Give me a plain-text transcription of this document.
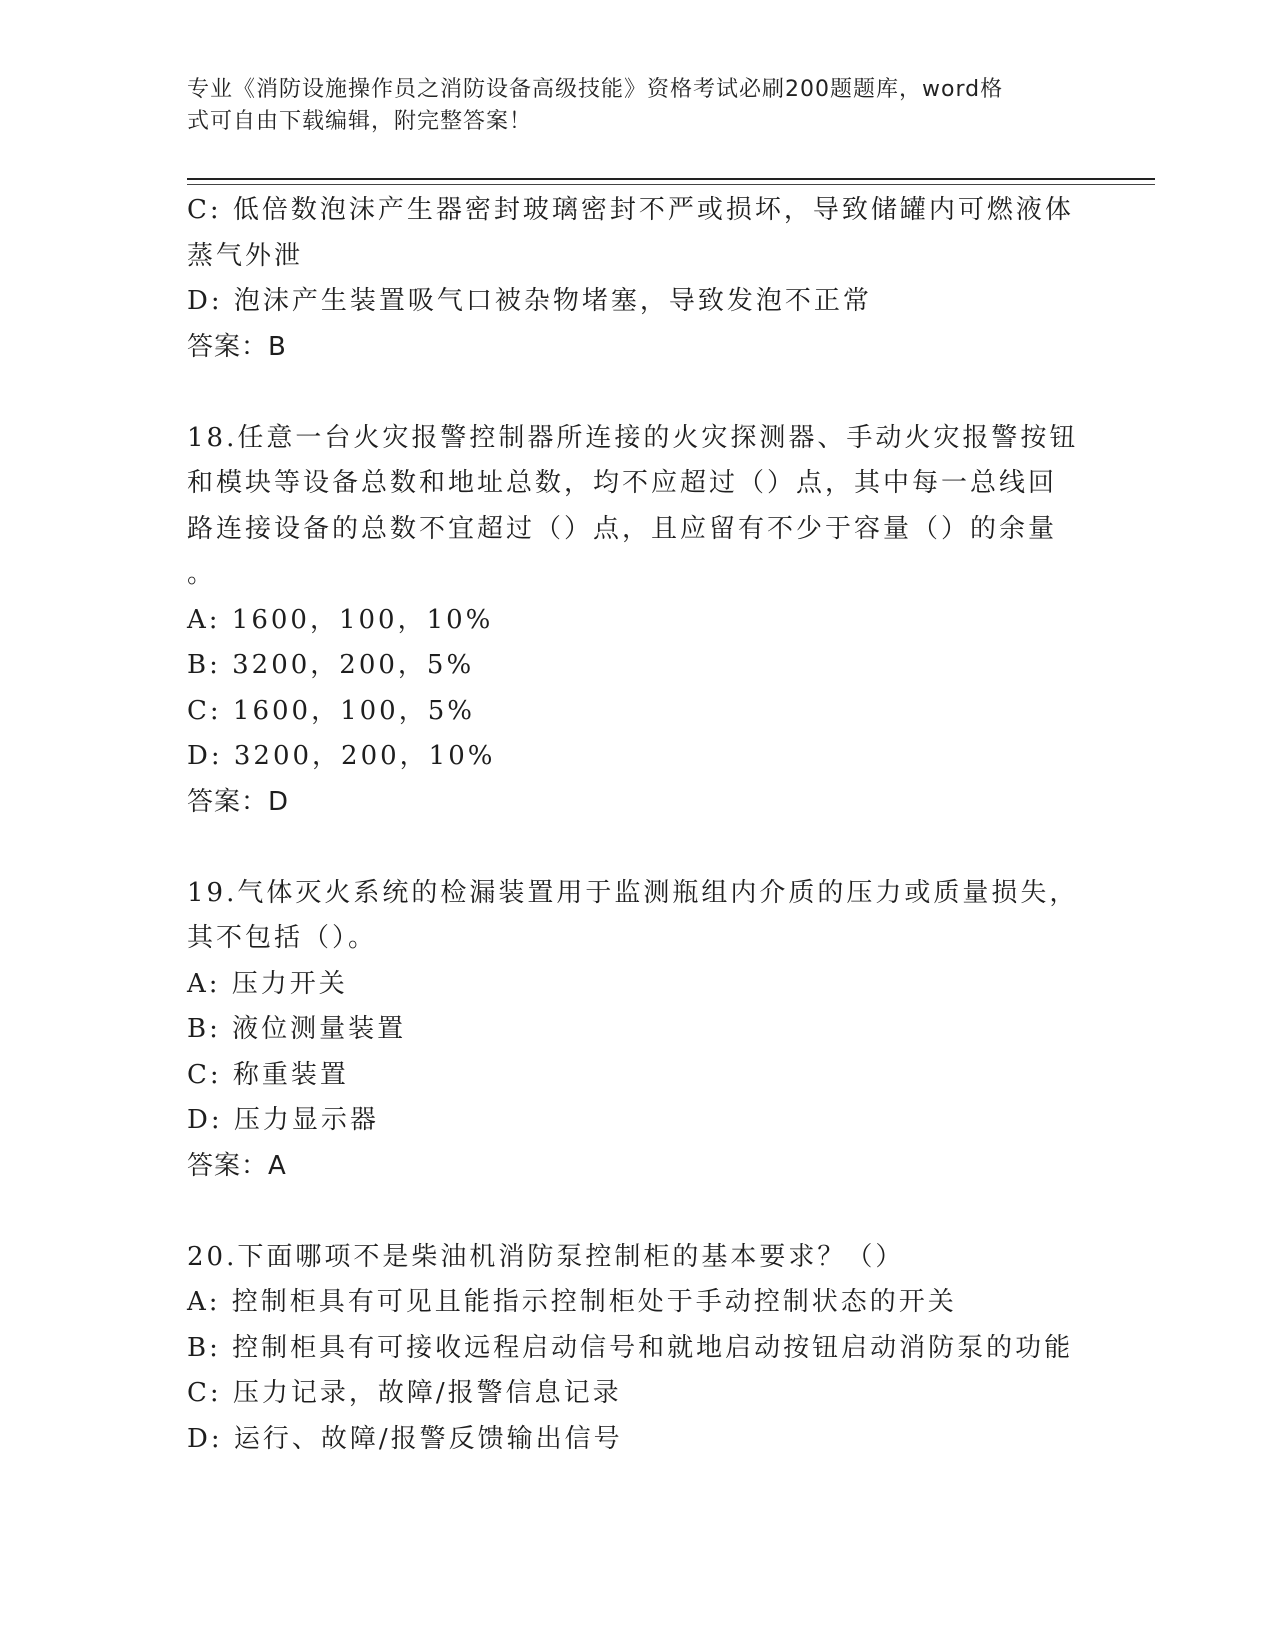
专业《消防设施操作员之消防设备高级技能》资格考试必刷200题题库，word格
式可自由下载编辑，附完整答案！
C: 低倍数泡沫产生器密封玻璃密封不严或损坏，导致储罐内可燃液体
蒸气外泄
D: 泡沫产生装置吸气口被杂物堵塞，导致发泡不正常
答案：B
18.任意一台火灾报警控制器所连接的火灾探测器、手动火灾报警按钮
和模块等设备总数和地址总数，均不应超过（）点，其中每一总线回
路连接设备的总数不宜超过（）点，且应留有不少于容量（）的余量
。
A: 1600，100，10%
B: 3200，200，5%
C: 1600，100，5%
D: 3200，200，10%
答案：D
19.气体灭火系统的检漏装置用于监测瓶组内介质的压力或质量损失，
其不包括（）。
A: 压力开关
B: 液位测量装置
C: 称重装置
D: 压力显示器
答案：A
20.下面哪项不是柴油机消防泵控制柜的基本要求？（）
A: 控制柜具有可见且能指示控制柜处于手动控制状态的开关
B: 控制柜具有可接收远程启动信号和就地启动按钮启动消防泵的功能
C: 压力记录，故障/报警信息记录
D: 运行、故障/报警反馈输出信号
